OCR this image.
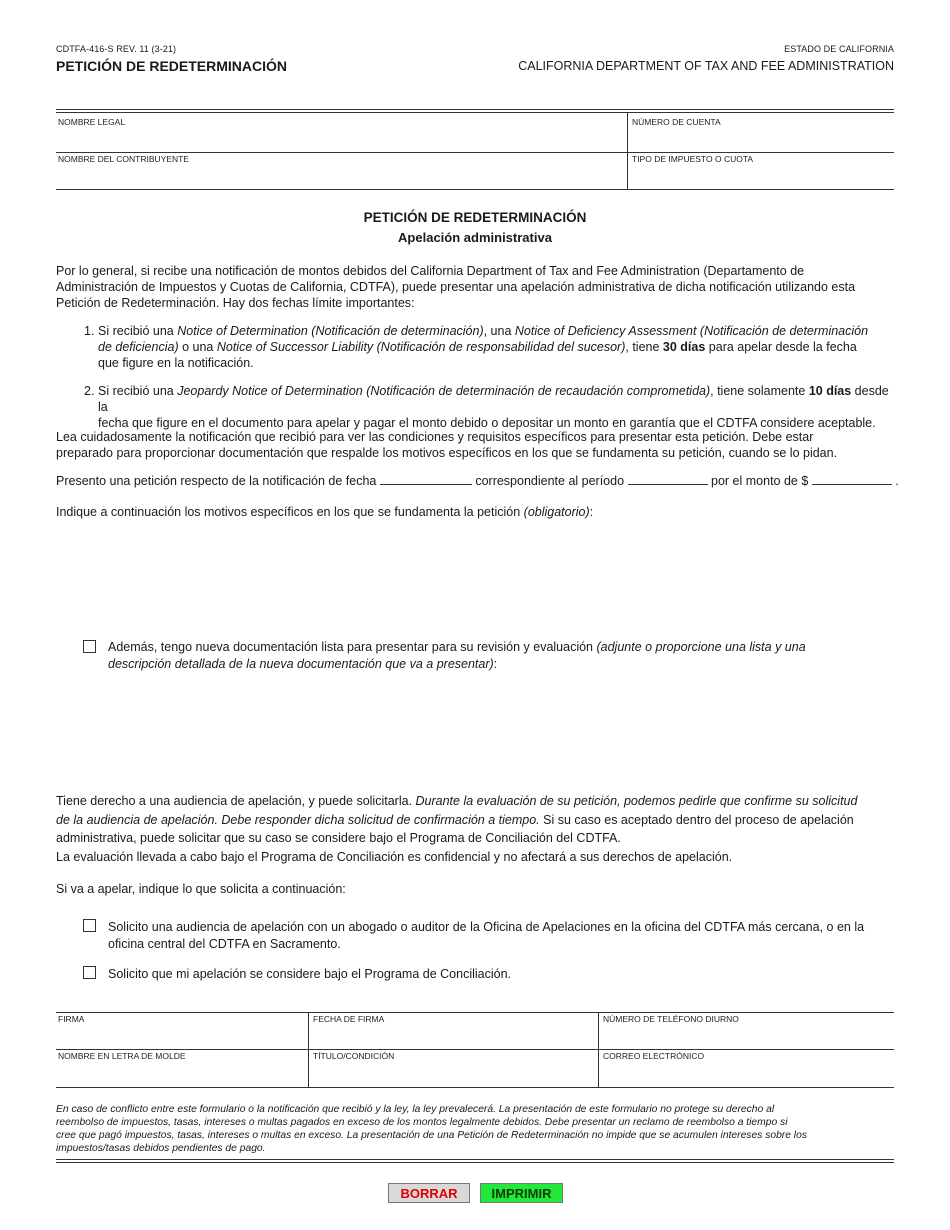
CDTFA-416-S REV. 11 (3-21)
PETICIÓN DE REDETERMINACIÓN
ESTADO DE CALIFORNIA
CALIFORNIA DEPARTMENT OF TAX AND FEE ADMINISTRATION
NOMBRE LEGAL	NÚMERO DE CUENTA
NOMBRE DEL CONTRIBUYENTE	TIPO DE IMPUESTO O CUOTA
PETICIÓN DE REDETERMINACIÓN
Apelación administrativa
Por lo general, si recibe una notificación de montos debidos del California Department of Tax and Fee Administration (Departamento de
Administración de Impuestos y Cuotas de California, CDTFA), puede presentar una apelación administrativa de dicha notificación utilizando esta
Petición de Redeterminación. Hay dos fechas límite importantes:
1. Si recibió una Notice of Determination (Notificación de determinación), una Notice of Deficiency Assessment (Notificación de determinación
de deficiencia) o una Notice of Successor Liability (Notificación de responsabilidad del sucesor), tiene 30 días para apelar desde la fecha
que figure en la notificación.
2. Si recibió una Jeopardy Notice of Determination (Notificación de determinación de recaudación comprometida), tiene solamente 10 días desde la
fecha que figure en el documento para apelar y pagar el monto debido o depositar un monto en garantía que el CDTFA considere aceptable.
Lea cuidadosamente la notificación que recibió para ver las condiciones y requisitos específicos para presentar esta petición. Debe estar
preparado para proporcionar documentación que respalde los motivos específicos en los que se fundamenta su petición, cuando se lo pidan.
Presento una petición respecto de la notificación de fecha	correspondiente al período	por el monto de $	.
Indique a continuación los motivos específicos en los que se fundamenta la petición (obligatorio):
Además, tengo nueva documentación lista para presentar para su revisión y evaluación (adjunte o proporcione una lista y una
descripción detallada de la nueva documentación que va a presentar):
Tiene derecho a una audiencia de apelación, y puede solicitarla. Durante la evaluación de su petición, podemos pedirle que confirme su solicitud
de la audiencia de apelación. Debe responder dicha solicitud de confirmación a tiempo. Si su caso es aceptado dentro del proceso de apelación
administrativa, puede solicitar que su caso se considere bajo el Programa de Conciliación del CDTFA.
La evaluación llevada a cabo bajo el Programa de Conciliación es confidencial y no afectará a sus derechos de apelación.
Si va a apelar, indique lo que solicita a continuación:
Solicito una audiencia de apelación con un abogado o auditor de la Oficina de Apelaciones en la oficina del CDTFA más cercana, o en la
oficina central del CDTFA en Sacramento.
Solicito que mi apelación se considere bajo el Programa de Conciliación.
FIRMA	FECHA DE FIRMA	NÚMERO DE TELÉFONO DIURNO
NOMBRE EN LETRA DE MOLDE	TÍTULO/CONDICIÓN	CORREO ELECTRÓNICO
En caso de conflicto entre este formulario o la notificación que recibió y la ley, la ley prevalecerá. La presentación de este formulario no protege su derecho al
reembolso de impuestos, tasas, intereses o multas pagados en exceso de los montos legalmente debidos. Debe presentar un reclamo de reembolso a tiempo si
cree que pagó impuestos, tasas, intereses o multas en exceso. La presentación de una Petición de Redeterminación no impide que se acumulen intereses sobre los
impuestos/tasas debidos pendientes de pago.
BORRAR	IMPRIMIR
